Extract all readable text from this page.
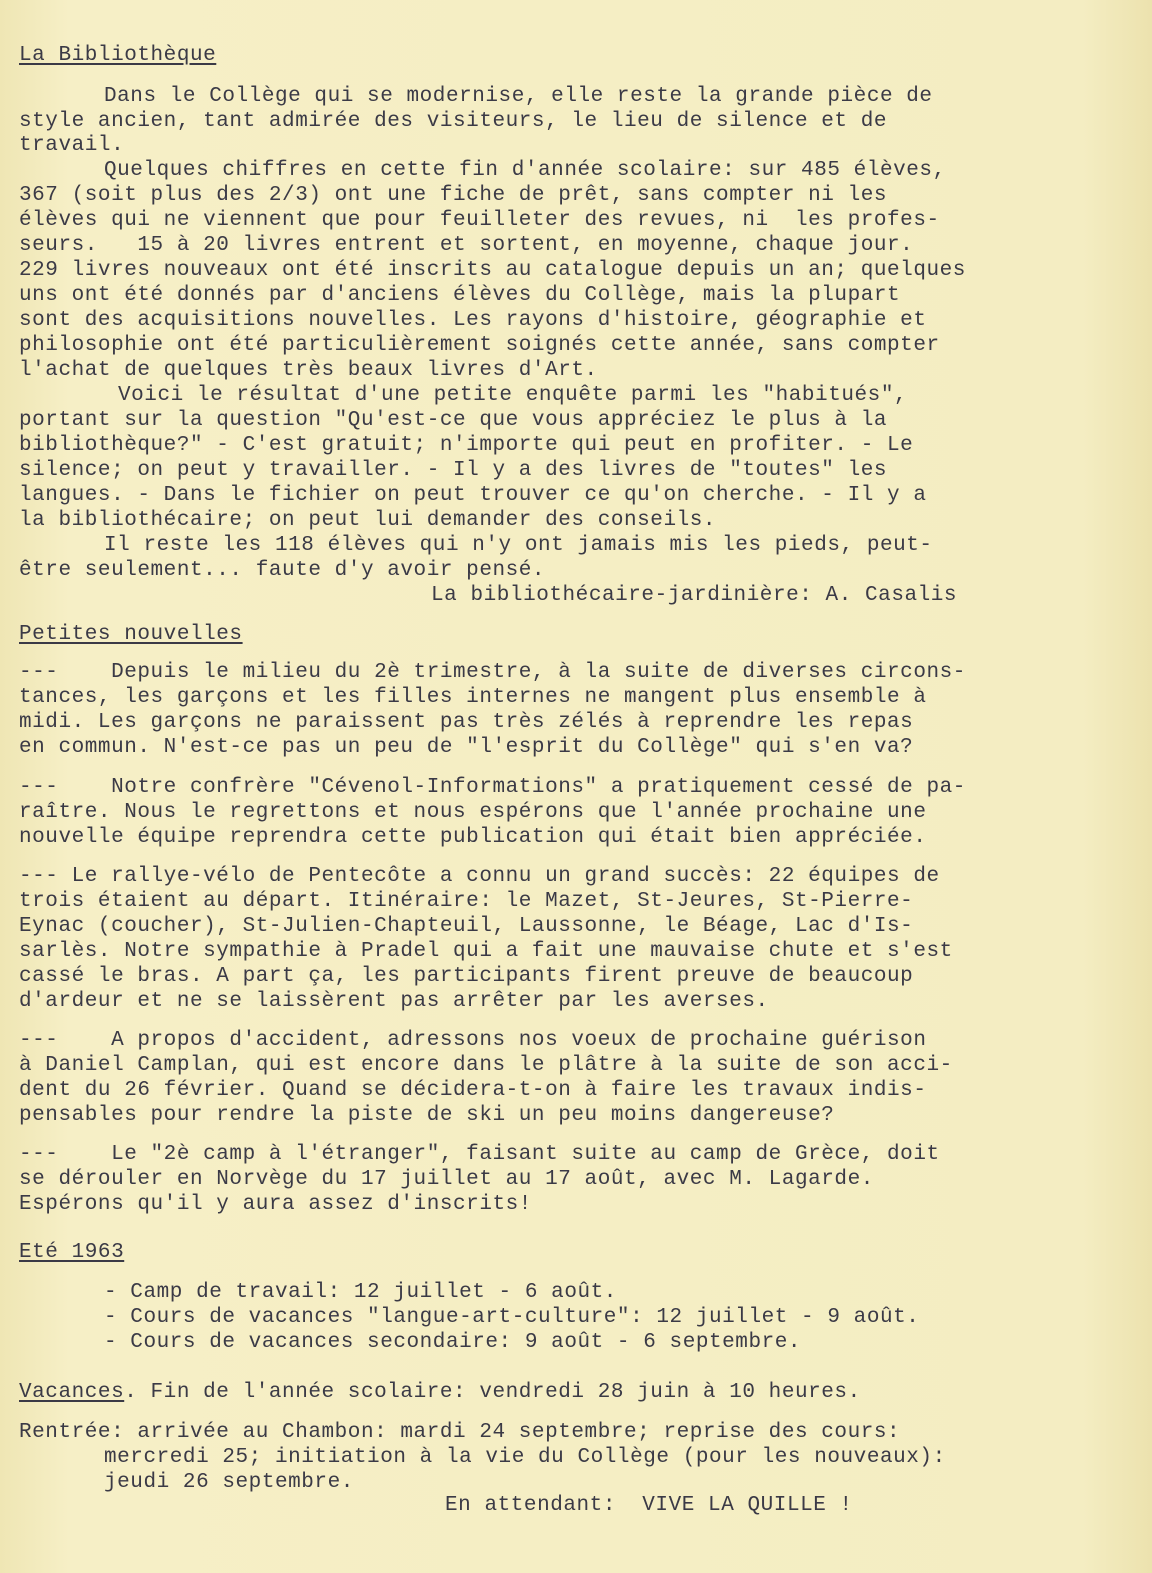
La Bibliothèque
Dans le Collège qui se modernise, elle reste la grande pièce de
style ancien, tant admirée des visiteurs, le lieu de silence et de
travail.
Quelques chiffres en cette fin d'année scolaire: sur 485 élèves,
367 (soit plus des 2/3) ont une fiche de prêt, sans compter ni les
élèves qui ne viennent que pour feuilleter des revues, ni  les profes-
seurs.   15 à 20 livres entrent et sortent, en moyenne, chaque jour.
229 livres nouveaux ont été inscrits au catalogue depuis un an; quelques
uns ont été donnés par d'anciens élèves du Collège, mais la plupart
sont des acquisitions nouvelles. Les rayons d'histoire, géographie et
philosophie ont été particulièrement soignés cette année, sans compter
l'achat de quelques très beaux livres d'Art.
Voici le résultat d'une petite enquête parmi les "habitués",
portant sur la question "Qu'est-ce que vous appréciez le plus à la
bibliothèque?" - C'est gratuit; n'importe qui peut en profiter. - Le
silence; on peut y travailler. - Il y a des livres de "toutes" les
langues. - Dans le fichier on peut trouver ce qu'on cherche. - Il y a
la bibliothécaire; on peut lui demander des conseils.
Il reste les 118 élèves qui n'y ont jamais mis les pieds, peut-
être seulement... faute d'y avoir pensé.
La bibliothécaire-jardinière: A. Casalis
Petites nouvelles
---    Depuis le milieu du 2è trimestre, à la suite de diverses circons-
tances, les garçons et les filles internes ne mangent plus ensemble à
midi. Les garçons ne paraissent pas très zélés à reprendre les repas
en commun. N'est-ce pas un peu de "l'esprit du Collège" qui s'en va?
---    Notre confrère "Cévenol-Informations" a pratiquement cessé de pa-
raître. Nous le regrettons et nous espérons que l'année prochaine une
nouvelle équipe reprendra cette publication qui était bien appréciée.
--- Le rallye-vélo de Pentecôte a connu un grand succès: 22 équipes de
trois étaient au départ. Itinéraire: le Mazet, St-Jeures, St-Pierre-
Eynac (coucher), St-Julien-Chapteuil, Laussonne, le Béage, Lac d'Is-
sarlès. Notre sympathie à Pradel qui a fait une mauvaise chute et s'est
cassé le bras. A part ça, les participants firent preuve de beaucoup
d'ardeur et ne se laissèrent pas arrêter par les averses.
---    A propos d'accident, adressons nos voeux de prochaine guérison
à Daniel Camplan, qui est encore dans le plâtre à la suite de son acci-
dent du 26 février. Quand se décidera-t-on à faire les travaux indis-
pensables pour rendre la piste de ski un peu moins dangereuse?
---    Le "2è camp à l'étranger", faisant suite au camp de Grèce, doit
se dérouler en Norvège du 17 juillet au 17 août, avec M. Lagarde.
Espérons qu'il y aura assez d'inscrits!
Eté 1963
- Camp de travail: 12 juillet - 6 août.
- Cours de vacances "langue-art-culture": 12 juillet - 9 août.
- Cours de vacances secondaire: 9 août - 6 septembre.
Vacances. Fin de l'année scolaire: vendredi 28 juin à 10 heures.
Rentrée: arrivée au Chambon: mardi 24 septembre; reprise des cours:
mercredi 25; initiation à la vie du Collège (pour les nouveaux):
jeudi 26 septembre.
En attendant:  VIVE LA QUILLE !
